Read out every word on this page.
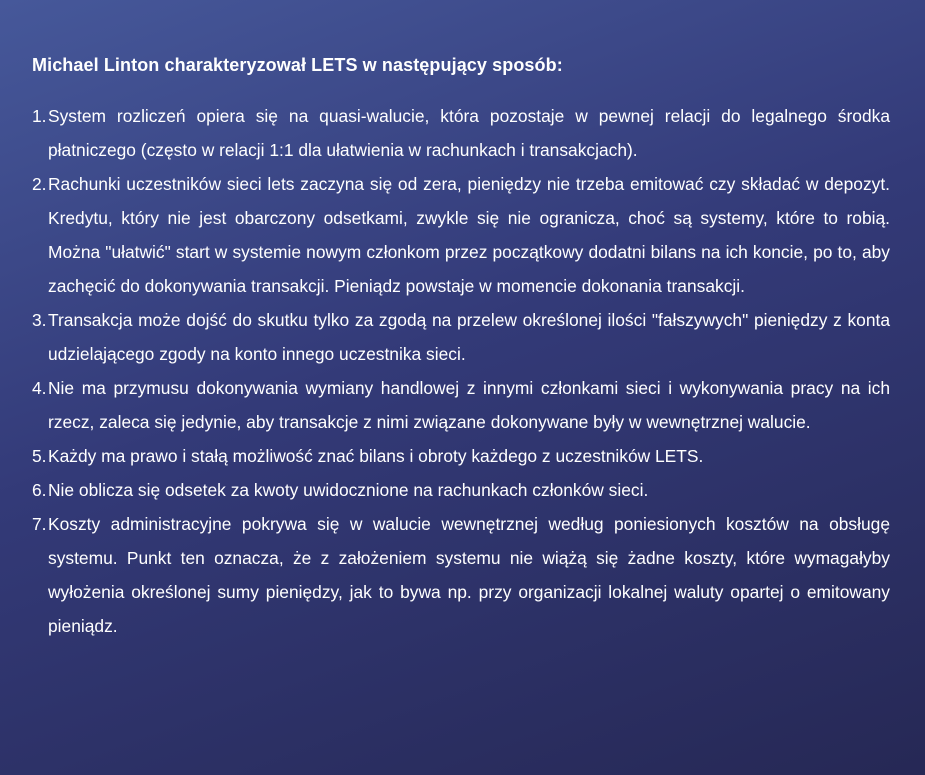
Michael Linton charakteryzował LETS w następujący sposób:
1. System rozliczeń opiera się na quasi-walucie, która pozostaje w pewnej relacji do legalnego środka płatniczego (często w relacji 1:1 dla ułatwienia w rachunkach i transakcjach).
2. Rachunki uczestników sieci lets zaczyna się od zera, pieniędzy nie trzeba emitować czy składać w depozyt. Kredytu, który nie jest obarczony odsetkami, zwykle się nie ogranicza, choć są systemy, które to robią. Można "ułatwić" start w systemie nowym członkom przez początkowy dodatni bilans na ich koncie, po to, aby zachęcić do dokonywania transakcji. Pieniądz powstaje w momencie dokonania transakcji.
3. Transakcja może dojść do skutku tylko za zgodą na przelew określonej ilości "fałszywych" pieniędzy z konta udzielającego zgody na konto innego uczestnika sieci.
4. Nie ma przymusu dokonywania wymiany handlowej z innymi członkami sieci i wykonywania pracy na ich rzecz, zaleca się jedynie, aby transakcje z nimi związane dokonywane były w wewnętrznej walucie.
5. Każdy ma prawo i stałą możliwość znać bilans i obroty każdego z uczestników LETS.
6. Nie oblicza się odsetek za kwoty uwidocznione na rachunkach członków sieci.
7. Koszty administracyjne pokrywa się w walucie wewnętrznej według poniesionych kosztów na obsługę systemu. Punkt ten oznacza, że z założeniem systemu nie wiążą się żadne koszty, które wymagałyby wyłożenia określonej sumy pieniędzy, jak to bywa np. przy organizacji lokalnej waluty opartej o emitowany pieniądz.
